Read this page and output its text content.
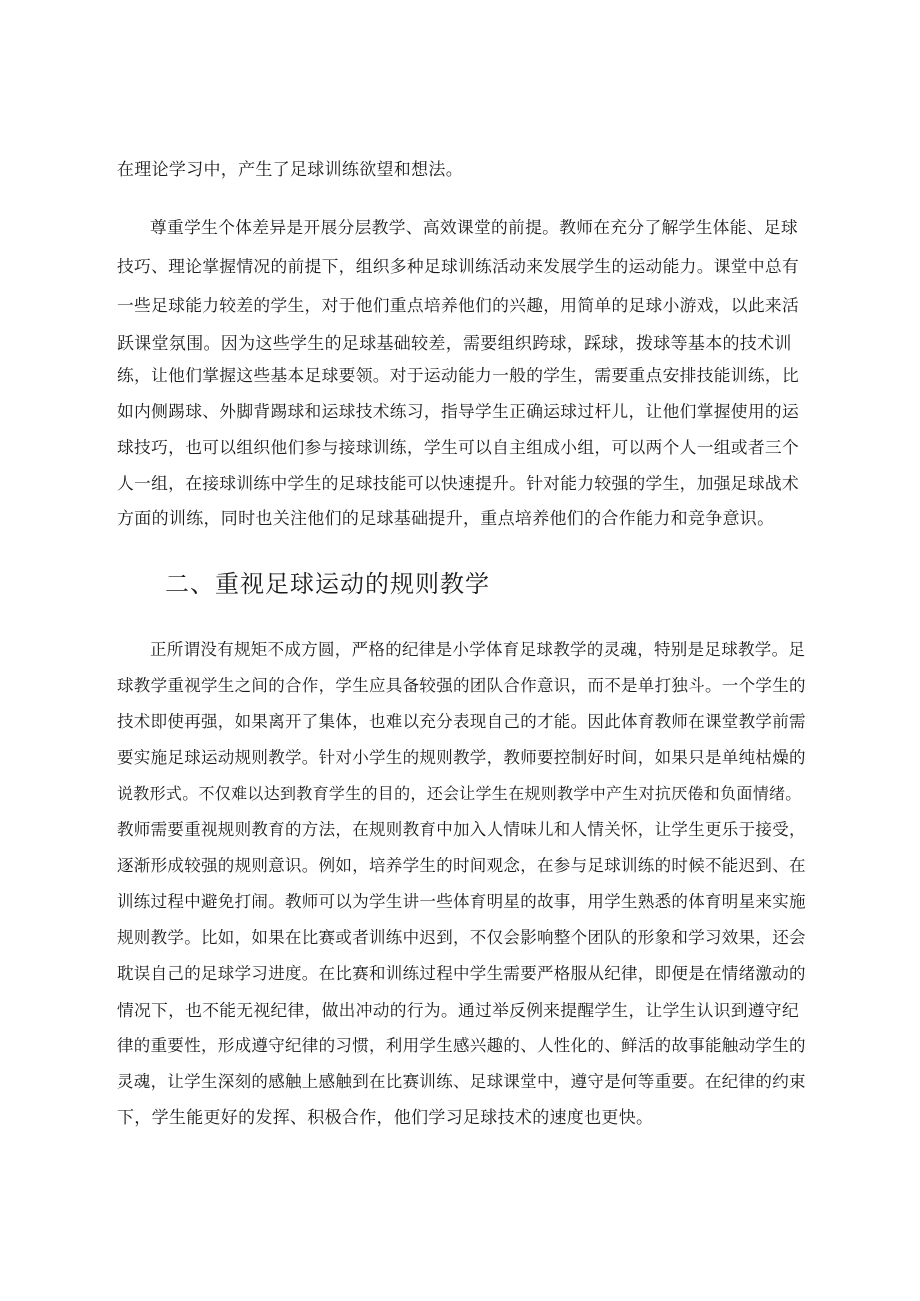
在理论学习中，产生了足球训练欲望和想法。
尊重学生个体差异是开展分层教学、高效课堂的前提。教师在充分了解学生体能、足球
技巧、理论掌握情况的前提下，组织多种足球训练活动来发展学生的运动能力。课堂中总有
一些足球能力较差的学生，对于他们重点培养他们的兴趣，用简单的足球小游戏，以此来活
跃课堂氛围。因为这些学生的足球基础较差，需要组织跨球，踩球，拨球等基本的技术训
练，让他们掌握这些基本足球要领。对于运动能力一般的学生，需要重点安排技能训练，比
如内侧踢球、外脚背踢球和运球技术练习，指导学生正确运球过杆儿，让他们掌握使用的运
球技巧，也可以组织他们参与接球训练，学生可以自主组成小组，可以两个人一组或者三个
人一组，在接球训练中学生的足球技能可以快速提升。针对能力较强的学生，加强足球战术
方面的训练，同时也关注他们的足球基础提升，重点培养他们的合作能力和竞争意识。
二、重视足球运动的规则教学
正所谓没有规矩不成方圆，严格的纪律是小学体育足球教学的灵魂，特别是足球教学。足
球教学重视学生之间的合作，学生应具备较强的团队合作意识，而不是单打独斗。一个学生的
技术即使再强，如果离开了集体，也难以充分表现自己的才能。因此体育教师在课堂教学前需
要实施足球运动规则教学。针对小学生的规则教学，教师要控制好时间，如果只是单纯枯燥的
说教形式。不仅难以达到教育学生的目的，还会让学生在规则教学中产生对抗厌倦和负面情绪。
教师需要重视规则教育的方法，在规则教育中加入人情味儿和人情关怀，让学生更乐于接受，
逐渐形成较强的规则意识。例如，培养学生的时间观念，在参与足球训练的时候不能迟到、在
训练过程中避免打闹。教师可以为学生讲一些体育明星的故事，用学生熟悉的体育明星来实施
规则教学。比如，如果在比赛或者训练中迟到，不仅会影响整个团队的形象和学习效果，还会
耽误自己的足球学习进度。在比赛和训练过程中学生需要严格服从纪律，即便是在情绪激动的
情况下，也不能无视纪律，做出冲动的行为。通过举反例来提醒学生，让学生认识到遵守纪
律的重要性，形成遵守纪律的习惯，利用学生感兴趣的、人性化的、鲜活的故事能触动学生的
灵魂，让学生深刻的感触上感触到在比赛训练、足球课堂中，遵守是何等重要。在纪律的约束
下，学生能更好的发挥、积极合作，他们学习足球技术的速度也更快。
